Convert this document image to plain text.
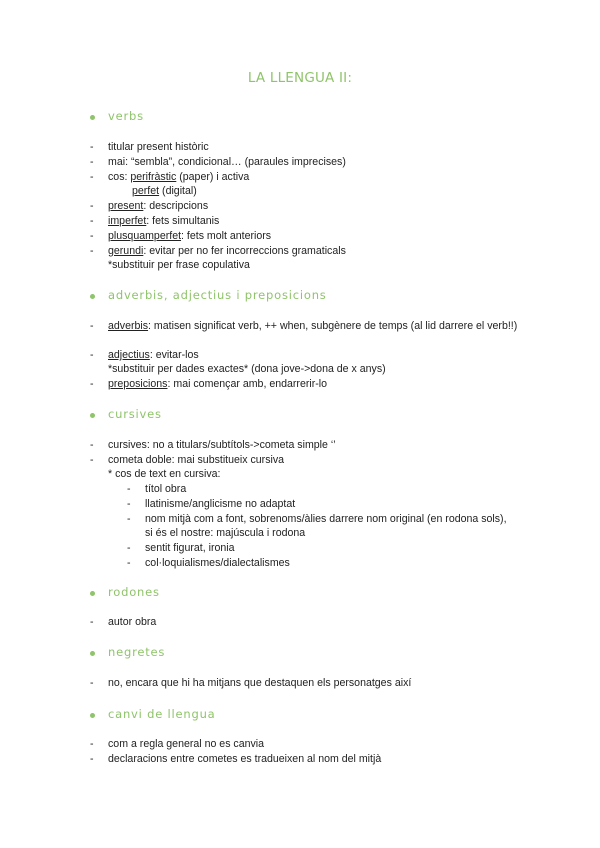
LA LLENGUA II:
verbs
- titular present històric
- mai: “sembla”, condicional… (paraules imprecises)
- cos: perifràstic (paper) i activa
perfet (digital)
- present: descripcions
- imperfet: fets simultanis
- plusquamperfet: fets molt anteriors
- gerundi: evitar per no fer incorreccions gramaticals
*substituir per frase copulativa
adverbis, adjectius i preposicions
- adverbis: matisen significat verb, ++ when, subgènere de temps (al lid darrere el verb!!)
- adjectius: evitar-los
*substituir per dades exactes* (dona jove->dona de x anys)
- preposicions: mai començar amb, endarrerir-lo
cursives
- cursives: no a titulars/subtítols->cometa simple ‘’
- cometa doble: mai substitueix cursiva
* cos de text en cursiva:
- títol obra
- llatinisme/anglicisme no adaptat
- nom mitjà com a font, sobrenoms/àlies darrere nom original (en rodona sols),
si és el nostre: majúscula i rodona
- sentit figurat, ironia
- col·loquialismes/dialectalismes
rodones
- autor obra
negretes
- no, encara que hi ha mitjans que destaquen els personatges així
canvi de llengua
- com a regla general no es canvia
- declaracions entre cometes es tradueixen al nom del mitjà
